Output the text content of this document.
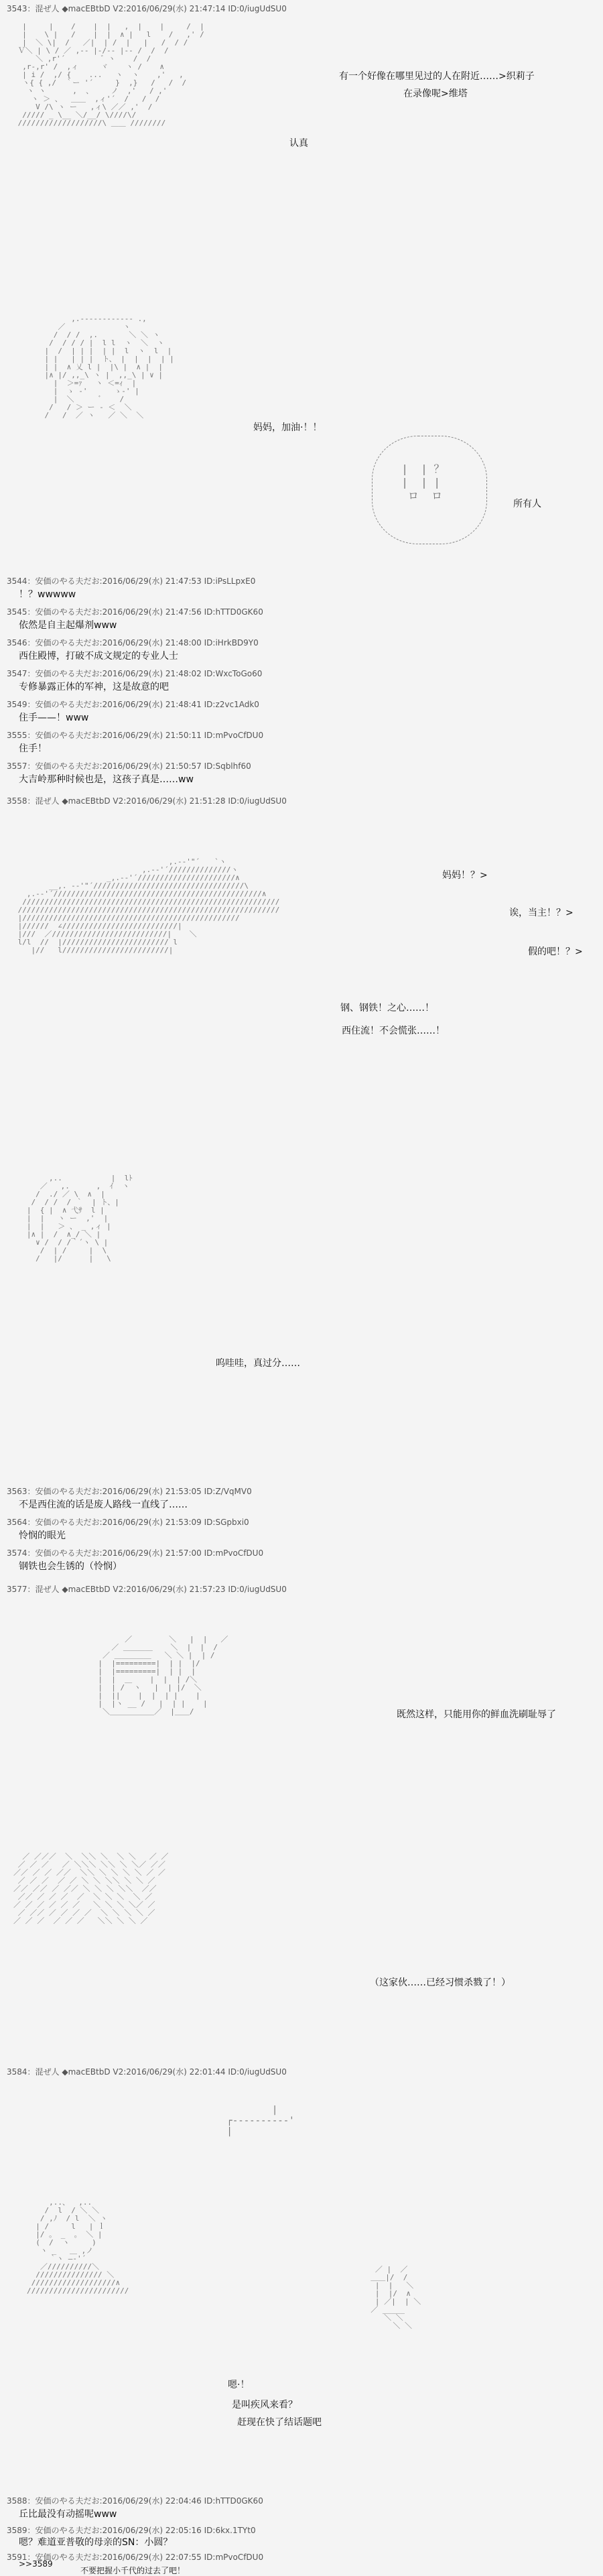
3543：混ぜ人 ◆macEBtbD V2:2016/06/29(水) 21:47:14 ID:0/iugUdSU0
|     |    /    |  |   ,  |    |     /  |
|    \ |   /    |  |  ∧ |   l    /   ,' /
|  ＼ \|  /   ／|  | /  |   |   /  / /
Ｖ＼ | \ / ／ ,-- |-/-- |-- /  /  /
＼ ,r'´        ゛ヽ    /  /
,r-,r' /  ,ィ     ヾ    ヽ /    ∧
| i /  ,/ {    ...   ヽ  ヽ    ,'   ,
ヽ{ { ,/  ｀ー '´     }  ,}   /   /  /
ヽ ヽ      ,  、    ノ  ,'   / ,'
ヽ ＞ 、  ＿＿  ,ィ'´  /   /  /
V /\ ヽ ー   ,ィ\ ／／ ,'  /
///// _ \__ ＼/__/ \////\/
///////////////////\ ＿＿ ////////
有一个好像在哪里见过的人在附近……>织莉子
在录像呢>维塔
认真
,.-‐‐‐‐‐‐-‐‐‐- .,
／             ヽ
/  / /  ,.       ＼ ＼ ヽ
/  / / / |  l l  ヽ  ＼  ヽ
|  /  | | |  | |  l  ヽ  l  |
| |   | | |  ト、 |  |  |  | |
| |  ∧ 乂 l |  |\ |  ∧ |  |
|∧ |/ ,,_\ ヽ |  ,,_\ | ∨ |
|  ＞=ｧ   ヽ ＜=ｨ  |
|  ゝ ‐'      ゝ‐' |
|  ＼      ﾞ    /
/   / ＞ ー ‐ ＜  ＼
/   /  ／ ヽ   ／ ＼  ＼
妈妈，加油·！！
|  | ？
|  | |
ロ  ロ
所有人
3544：安価のやる夫だお:2016/06/29(水) 21:47:53 ID:iPsLLpxE0
！？wwwww
3545：安価のやる夫だお:2016/06/29(水) 21:47:56 ID:hTTD0GK60
依然是自主起爆剂www
3546：安価のやる夫だお:2016/06/29(水) 21:48:00 ID:iHrkBD9Y0
西住殿博，打破不成文规定的专业人士
3547：安価のやる夫だお:2016/06/29(水) 21:48:02 ID:WxcToGo60
专修暴露正体的军神，这是故意的吧
3549：安価のやる夫だお:2016/06/29(水) 21:48:41 ID:z2vc1Adk0
住手——！www
3555：安価のやる夫だお:2016/06/29(水) 21:50:11 ID:mPvoCfDU0
住手！
3557：安価のやる夫だお:2016/06/29(水) 21:50:57 ID:Sqblhf60
大吉岭那种时候也是，这孩子真是……ww
3558：混ぜ人 ◆macEBtbD V2:2016/06/29(水) 21:51:28 ID:0/iugUdSU0
,.-‐'"´￣￣`ヽ
,.-‐'´//////////////ヽ
_,.-‐'´//////////////////////∧
__,. -‐'"´//////////////////////////////////\
,.-‐'´///////////////////////////////////////////////∧
//////////////////////////////////////////////////////////
///////////////////////////////////////////////////////////
|/////////////////////////////////////////////////
|//////  ∠//////////////////////////|
|///  ／//////////////////////////|    ＼
l/l  //  |//////////////////////// l
|//   l////////////////////////|
妈妈！？>
诶，当主！？>
假的吧！？>
钢、钢铁！之心……！
西住流！不会慌张……！
,..           |  lﾄ
／   ,.      ,  ｲ  ヽ
/  ./ ／ \  ∧  |
/  / /  / ｀  | ト、|
|  { |  ∧ 弋ｻ  l |
|  |   ヽ ー  ,'  |
|  |   ＞ 、 _ ,ィ |
|∧ |  /  ∧_/ ＼ |
∨ /  / /｀´ヽ \ |
/  | /     |  \
/   |/      |   \
呜哇哇，真过分……
3563：安価のやる夫だお:2016/06/29(水) 21:53:05 ID:Z/VqMV0
不是西住流的话是废人路线一直线了……
3564：安価のやる夫だお:2016/06/29(水) 21:53:09 ID:SGpbxi0
怜悯的眼光
3574：安価のやる夫だお:2016/06/29(水) 21:57:00 ID:mPvoCfDU0
钢铁也会生锈的（怜悯）
3577：混ぜ人 ◆macEBtbD V2:2016/06/29(水) 21:57:23 ID:0/iugUdSU0
／￣￣￣￣￣＼   |  |   ／￣
／ ＿＿＿＿    ＼  |  |  /
／ ＿＿＿＿＿   ＼ ＼ |  | /
|  |=========|  | |  |/
|  |=========|  | |  |
|  |  ＿    |  |  | /＼
|  | /  ヽ   |  | |/  ＼
|  ||    |  |  | |    |
|  |ヽ __ /   |  | |    |
＼＿＿＿＿＿＿／  |＿＿/	既然这样，只能用你的鲜血洗刷耻辱了
／ ／／／  ＼  ＼＼ ＼  ＼ ＼   ／ ／
／ ／ ／   ／ ＼＼＼ ＼＼ ＼ ＼／ ／／
／／ ／ ／ ／／  ＼＼ ＼ ＼ ＼ ＼ ／ ／
／ ／ ／  ／ ／ ＼ ＼ ＼＼ ＼ ＼ ／
／／ ／／ ／ ／／ ＼ ＼ ＼ ＼＼  ／／
／／ ／ ／ ／  ／  ＼ ＼ ＼  ＼ ／
／ ／ ／ ／ ／ ／   ＼ ＼ ＼ ＼／ ／
／ ／／ ／ ／ ／ ／  ＼ ＼ ＼ ＼ ／
／ ／ ／  ／ ／ ／   ＼＼ ＼ ＼ ／
（这家伙……已经习惯杀戮了！）
3584：混ぜ人 ◆macEBtbD V2:2016/06/29(水) 22:01:44 ID:0/iugUdSU0
|
┌----------'
|
,..、  ,..
/  l  / ＼ ＼
/ ,ﾉ  / l  ＼ ヽ
| /     l   | ｌ
|/ 。 _  。 ＼ |
(  /  ヽ     )
ヽ _   ＿ ,ノ
｀ヽ ―‐'´
／//////////＼
/////////////// ＼
///////////////////∧
///////////////////////
嗯·！
是叫疾风来看？
赶现在快了结话题吧
／ |  ／
＿＿|/  /
|  |   ＼
|  |/  ∧
| ／|  | ＼
／ _____
＼ ＼
＼ ＼
3588：安価のやる夫だお:2016/06/29(水) 22:04:46 ID:hTTD0GK60
丘比最没有动摇呢www
3589：安価のやる夫だお:2016/06/29(水) 22:05:16 ID:6kx.1TYt0
嗯？难道亚普敬的母亲的SN：小圆？
3591：安価のやる夫だお:2016/06/29(水) 22:07:55 ID:mPvoCfDU0
>>3589
不要把握小千代的过去了吧！
